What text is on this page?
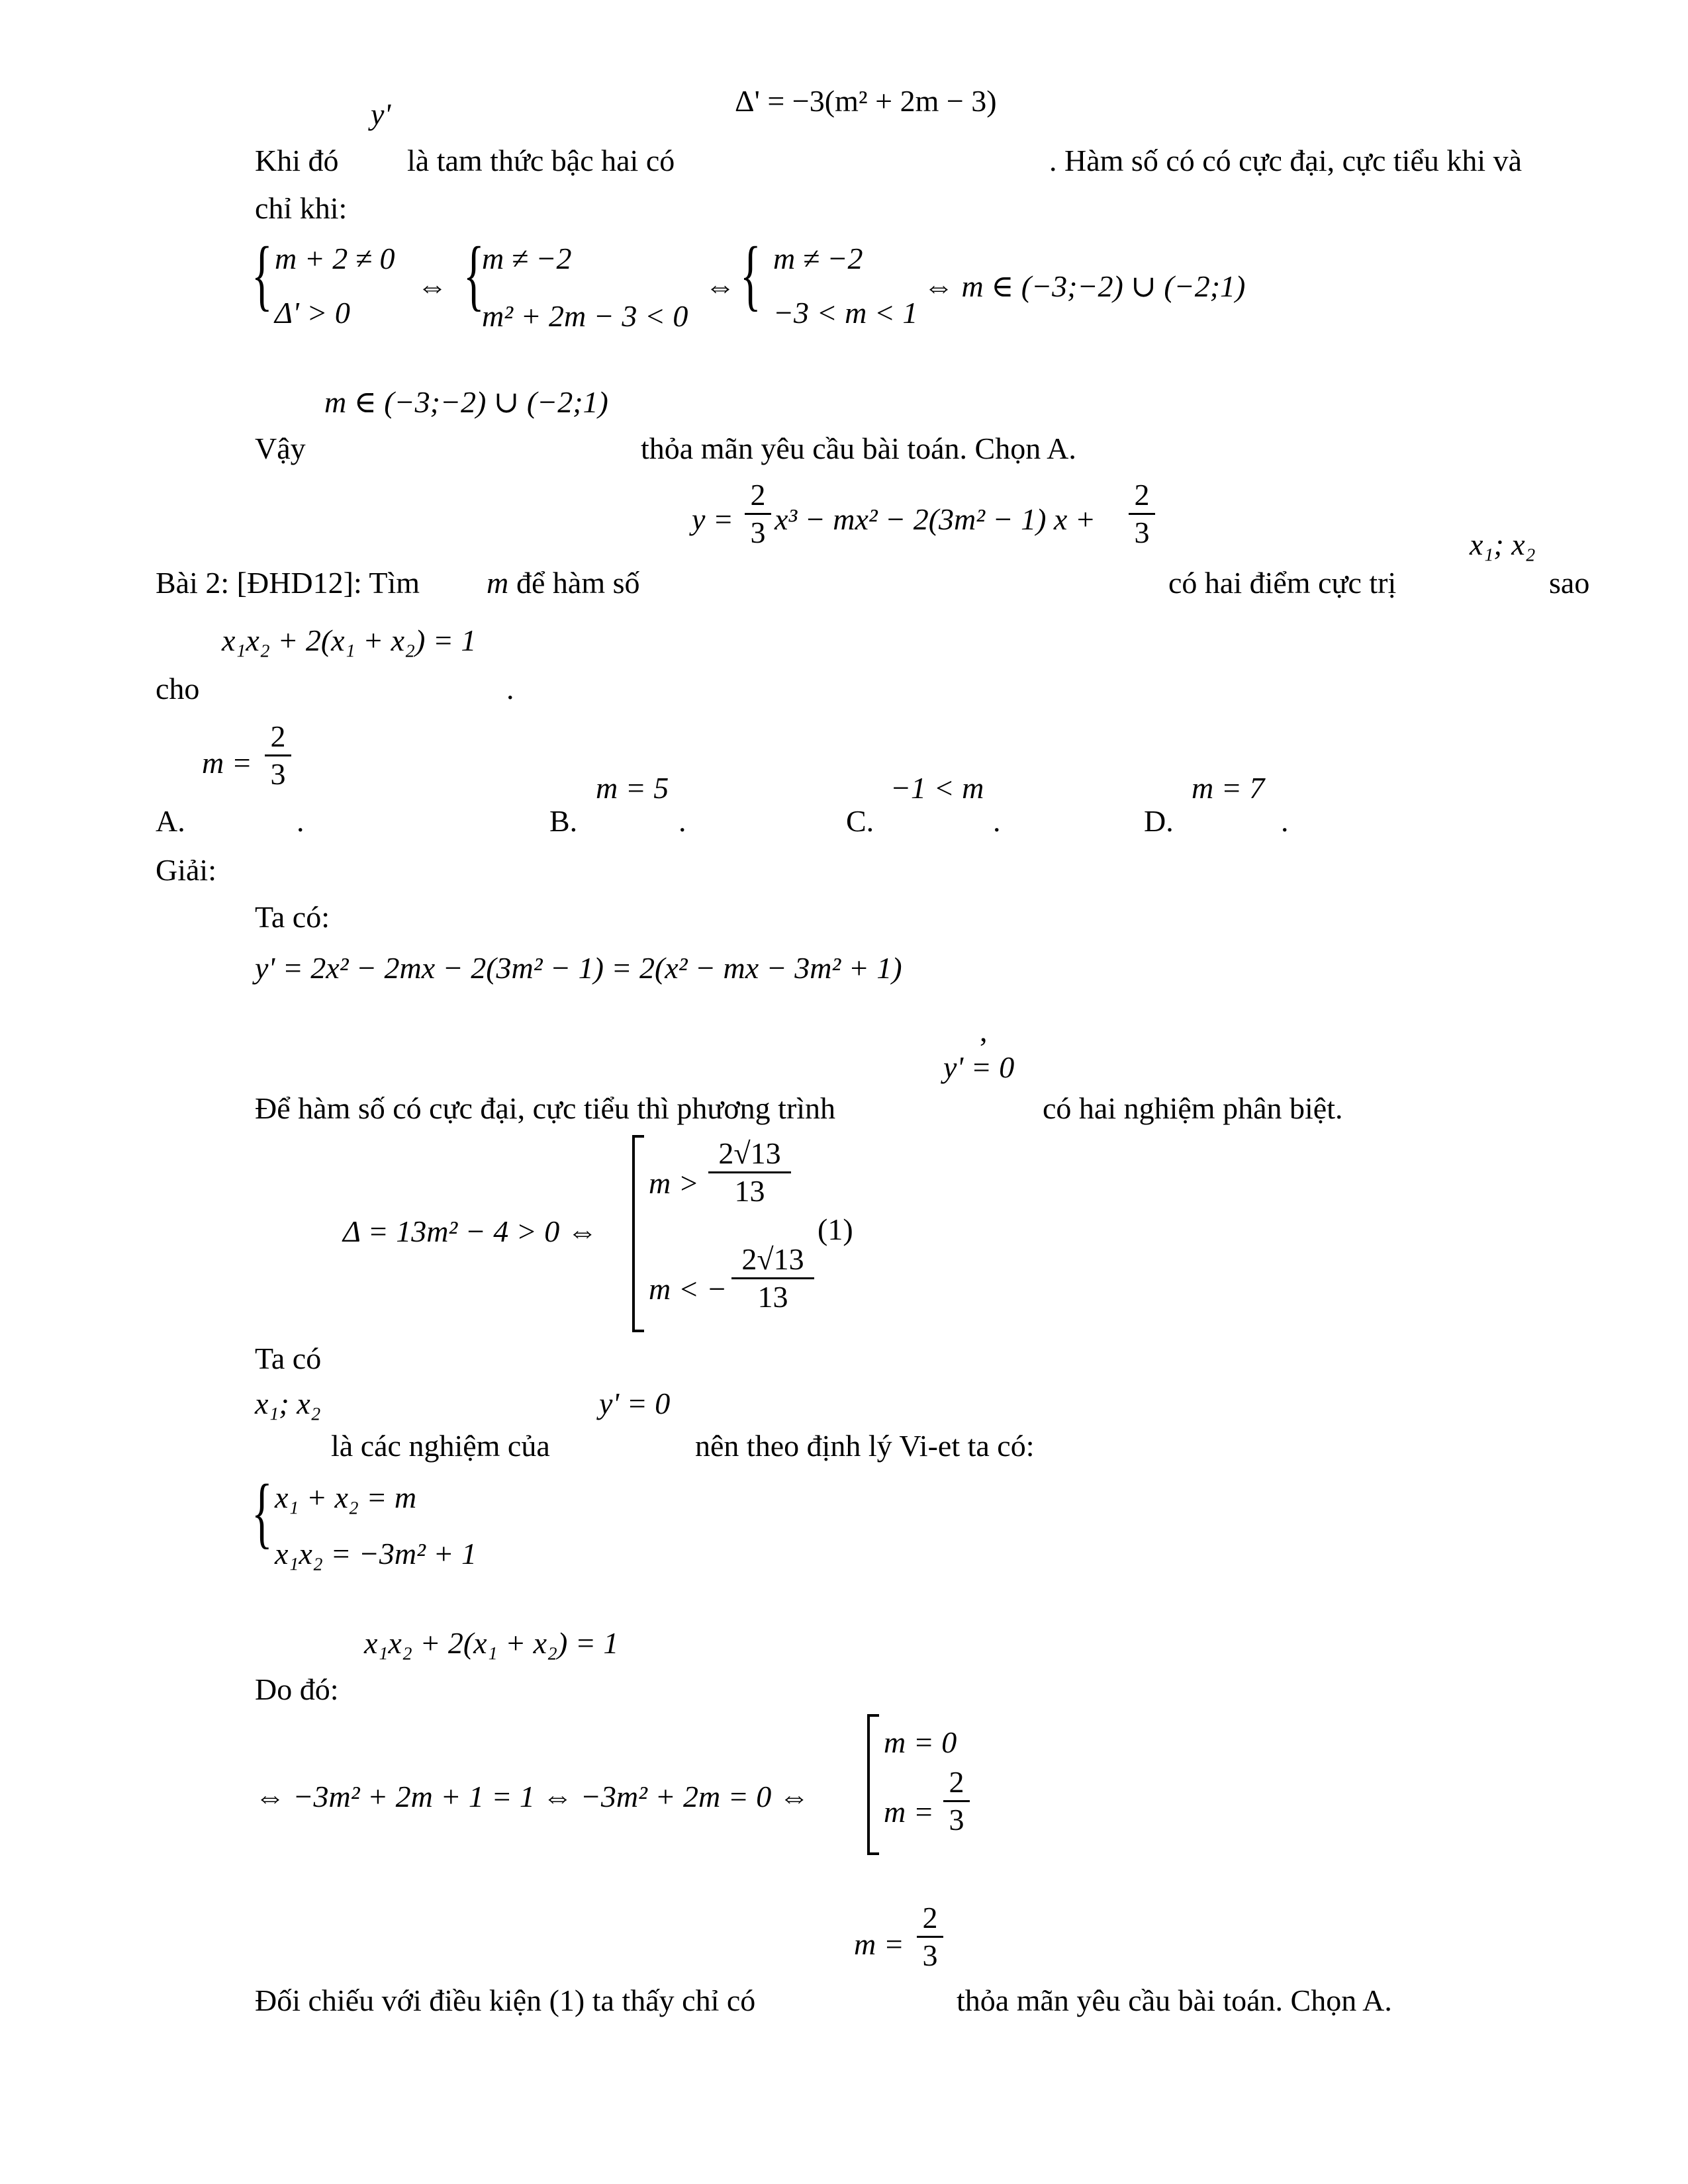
y'	Δ' = −3(m² + 2m − 3)
Khi đó là tam thức bậc hai có	. Hàm số có có cực đại, cực tiểu khi và
chỉ khi:
{ m + 2 ≠ 0
Δ' > 0
⇔ {
m ≠ −2
m² + 2m − 3 < 0
⇔ { m ≠ −2
−3 < m < 1
⇔ m ∈ (−3;−2) ∪ (−2;1)
m ∈ (−3;−2) ∪ (−2;1)
Vậy	thỏa mãn yêu cầu bài toán. Chọn A.
y =
2
3 x³ − mx² − 2(3m² − 1) x +
2
3	x₁; x₂
Bài 2: [ĐHD12]: Tìm m để hàm số	có hai điểm cực trị	sao
x₁x₂ + 2(x₁ + x₂) = 1
cho	.
m =
2
3
A.	.
m = 5
B.	.
−1 < m
C.	.
m = 7
D.	.
Giải:
Ta có:
y' = 2x² − 2mx − 2(3m² − 1) = 2(x² − mx − 3m² + 1)
,
y' = 0
Để hàm số có cực đại, cực tiểu thì phương trình	có hai nghiệm phân biệt.
Δ = 13m² − 4 > 0 ⇔
m >
2√13
13
m < −
2√13
13
(1)
Ta có
x₁; x₂	y' = 0
là các nghiệm của	nên theo định lý Vi-et ta có:
{ x₁ + x₂ = m
x₁x₂ = −3m² + 1
x₁x₂ + 2(x₁ + x₂) = 1
Do đó:
⇔ −3m² + 2m + 1 = 1 ⇔ −3m² + 2m = 0 ⇔
m = 0
m =
2
3
m =
2
3
Đối chiếu với điều kiện (1) ta thấy chỉ có	thỏa mãn yêu cầu bài toán. Chọn A.
